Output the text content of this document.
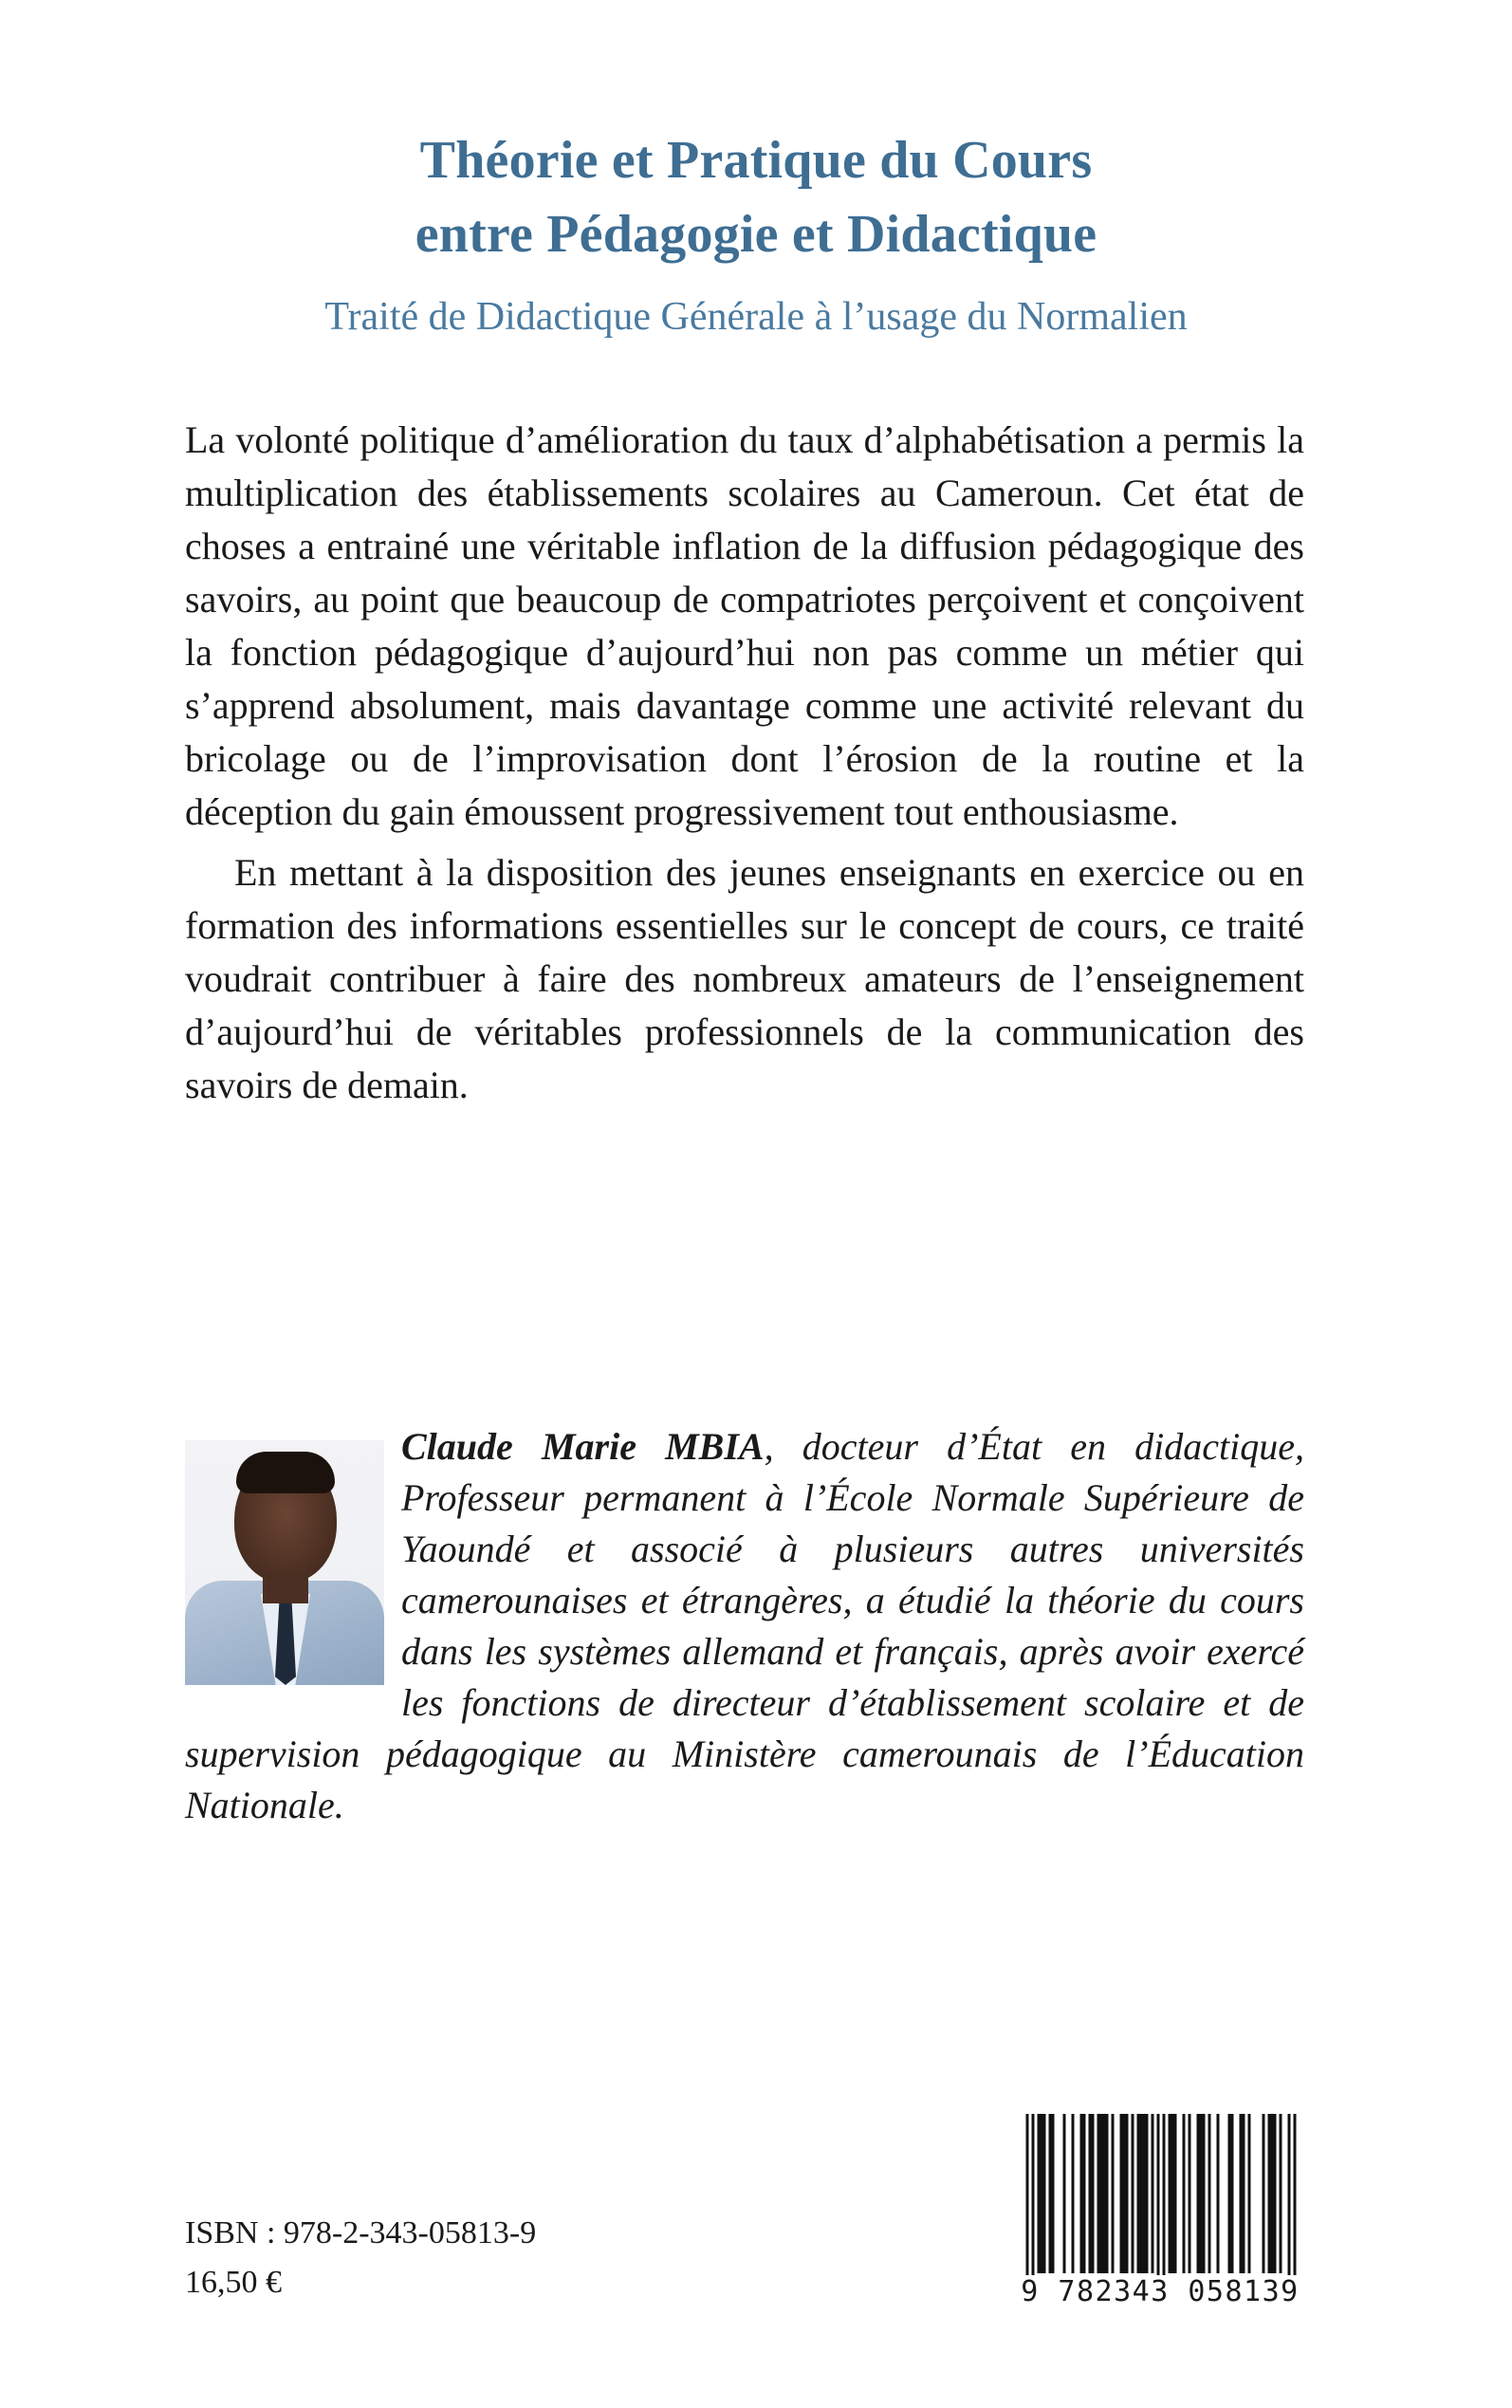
Théorie et Pratique du Cours
entre Pédagogie et Didactique
Traité de Didactique Générale à l’usage du Normalien

La volonté politique d’amélioration du taux d’alphabétisation a permis la multiplication des établissements scolaires au Cameroun. Cet état de choses a entrainé une véritable inflation de la diffusion pédagogique des savoirs, au point que beaucoup de compatriotes perçoivent et conçoivent la fonction pédagogique d’aujourd’hui non pas comme un métier qui s’apprend absolument, mais davantage comme une activité relevant du bricolage ou de l’improvisation dont l’érosion de la routine et la déception du gain émoussent progressivement tout enthousiasme.

En mettant à la disposition des jeunes enseignants en exercice ou en formation des informations essentielles sur le concept de cours, ce traité voudrait contribuer à faire des nombreux amateurs de l’enseignement d’aujourd’hui de véritables professionnels de la communication des savoirs de demain.

Claude Marie MBIA, docteur d’État en didactique, Professeur permanent à l’École Normale Supérieure de Yaoundé et associé à plusieurs autres universités camerounaises et étrangères, a étudié la théorie du cours dans les systèmes allemand et français, après avoir exercé les fonctions de directeur d’établissement scolaire et de supervision pédagogique au Ministère camerounais de l’Éducation Nationale.
ISBN : 978-2-343-05813-9
16,50 €	9 782343 058139
